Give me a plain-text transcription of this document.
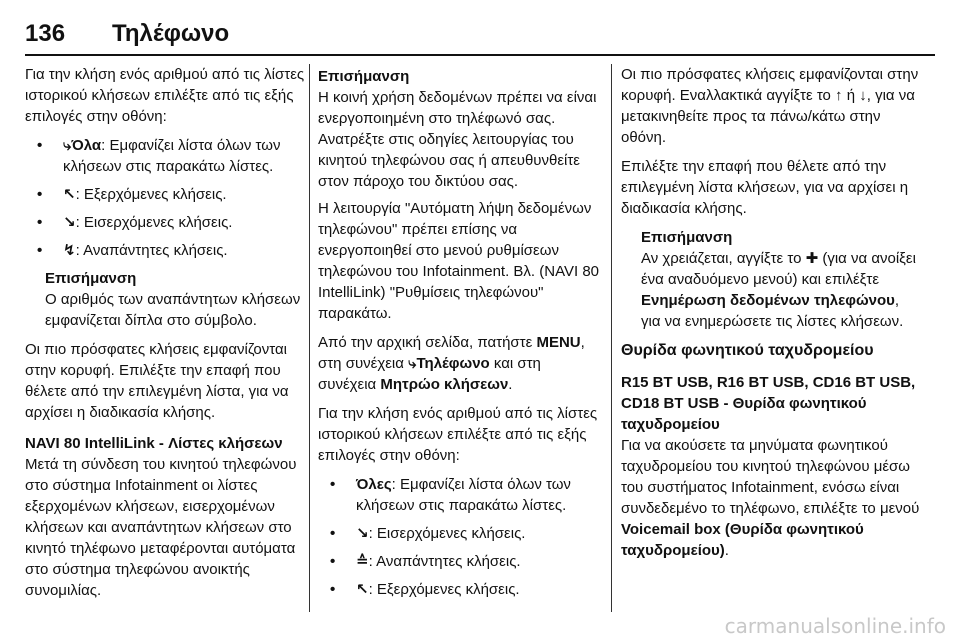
136 Τηλέφωνο

Για την κλήση ενός αριθμού από τις λίστες ιστορικού κλήσεων επιλέξτε από τις εξής επιλογές στην οθόνη:

• ⤷Όλα: Εμφανίζει λίστα όλων των κλήσεων στις παρακάτω λίστες.
• ↖: Εξερχόμενες κλήσεις.
• ↘: Εισερχόμενες κλήσεις.
• ↯: Αναπάντητες κλήσεις.
Επισήμανση
Ο αριθμός των αναπάντητων κλήσεων εμφανίζεται δίπλα στο σύμβολο.

Οι πιο πρόσφατες κλήσεις εμφανίζονται στην κορυφή. Επιλέξτε την επαφή που θέλετε από την επιλεγμένη λίστα, για να αρχίσει η διαδικασία κλήσης.

NAVI 80 IntelliLink - Λίστες κλήσεων

Μετά τη σύνδεση του κινητού τηλεφώνου στο σύστημα Infotainment οι λίστες εξερχομένων κλήσεων, εισερχομένων κλήσεων και αναπάντητων κλήσεων στο κινητό τηλέφωνο μεταφέρονται αυτόματα στο σύστημα τηλεφώνου ανοικτής συνομιλίας.

Επισήμανση
Η κοινή χρήση δεδομένων πρέπει να είναι ενεργοποιημένη στο τηλέφωνό σας. Ανατρέξτε στις οδηγίες λειτουργίας του κινητού τηλεφώνου σας ή απευθυνθείτε στον πάροχο του δικτύου σας.
Η λειτουργία "Αυτόματη λήψη δεδομένων τηλεφώνου" πρέπει επίσης να ενεργοποιηθεί στο μενού ρυθμίσεων τηλεφώνου του Infotainment. Βλ. (NAVI 80 IntelliLink) "Ρυθμίσεις τηλεφώνου" παρακάτω.

Από την αρχική σελίδα, πατήστε MENU, στη συνέχεια ⤷Τηλέφωνο και στη συνέχεια Μητρώο κλήσεων.

Για την κλήση ενός αριθμού από τις λίστες ιστορικού κλήσεων επιλέξτε από τις εξής επιλογές στην οθόνη:

• Όλες: Εμφανίζει λίστα όλων των κλήσεων στις παρακάτω λίστες.
• ↘: Εισερχόμενες κλήσεις.
• ≙: Αναπάντητες κλήσεις.
• ↖: Εξερχόμενες κλήσεις.

Οι πιο πρόσφατες κλήσεις εμφανίζονται στην κορυφή. Εναλλακτικά αγγίξτε το ↑ ή ↓, για να μετακινηθείτε προς τα πάνω/κάτω στην οθόνη.

Επιλέξτε την επαφή που θέλετε από την επιλεγμένη λίστα κλήσεων, για να αρχίσει η διαδικασία κλήσης.

Επισήμανση
Αν χρειάζεται, αγγίξτε το ✚ (για να ανοίξει ένα αναδυόμενο μενού) και επιλέξτε Ενημέρωση δεδομένων τηλεφώνου, για να ενημερώσετε τις λίστες κλήσεων.

Θυρίδα φωνητικού ταχυδρομείου

R15 BT USB, R16 BT USB, CD16 BT USB, CD18 BT USB - Θυρίδα φωνητικού ταχυδρομείου

Για να ακούσετε τα μηνύματα φωνητικού ταχυδρομείου του κινητού τηλεφώνου μέσω του συστήματος Infotainment, ενόσω είναι συνδεδεμένο το τηλέφωνο, επιλέξτε το μενού Voicemail box (Θυρίδα φωνητικού ταχυδρομείου).

carmanualsonline.info
